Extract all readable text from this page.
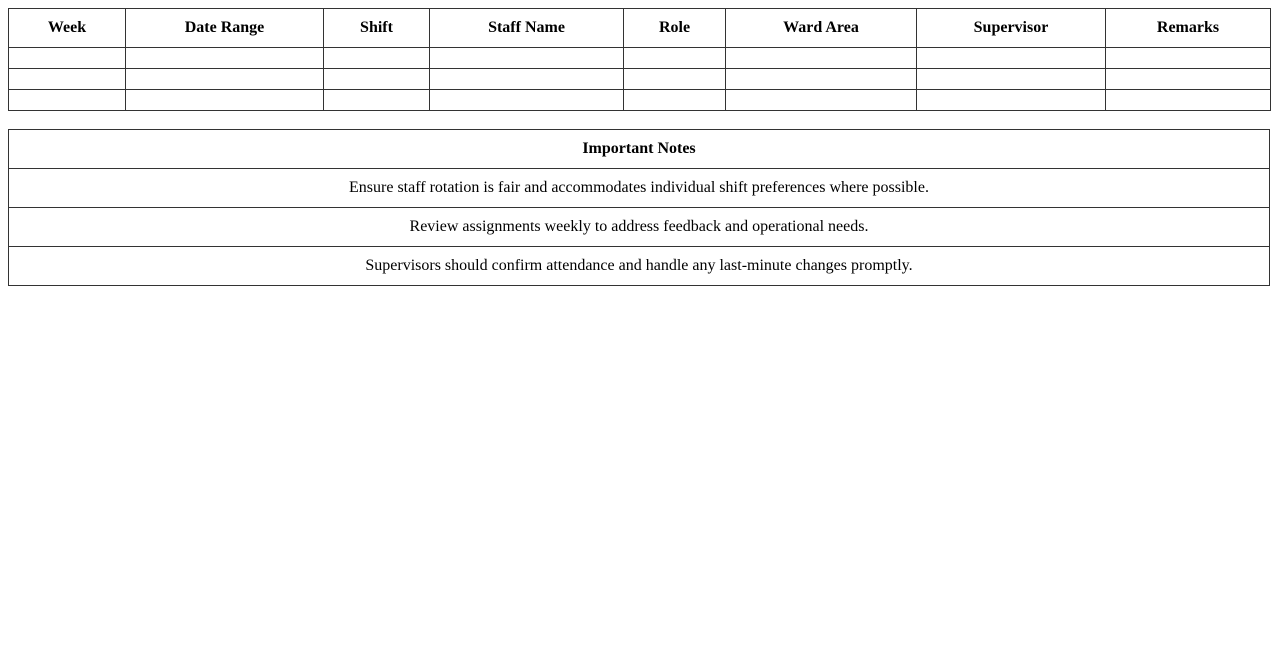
Week	Date Range	Shift	Staff Name	Role	Ward Area	Supervisor	Remarks

Important Notes
Ensure staff rotation is fair and accommodates individual shift preferences where possible.
Review assignments weekly to address feedback and operational needs.
Supervisors should confirm attendance and handle any last-minute changes promptly.
